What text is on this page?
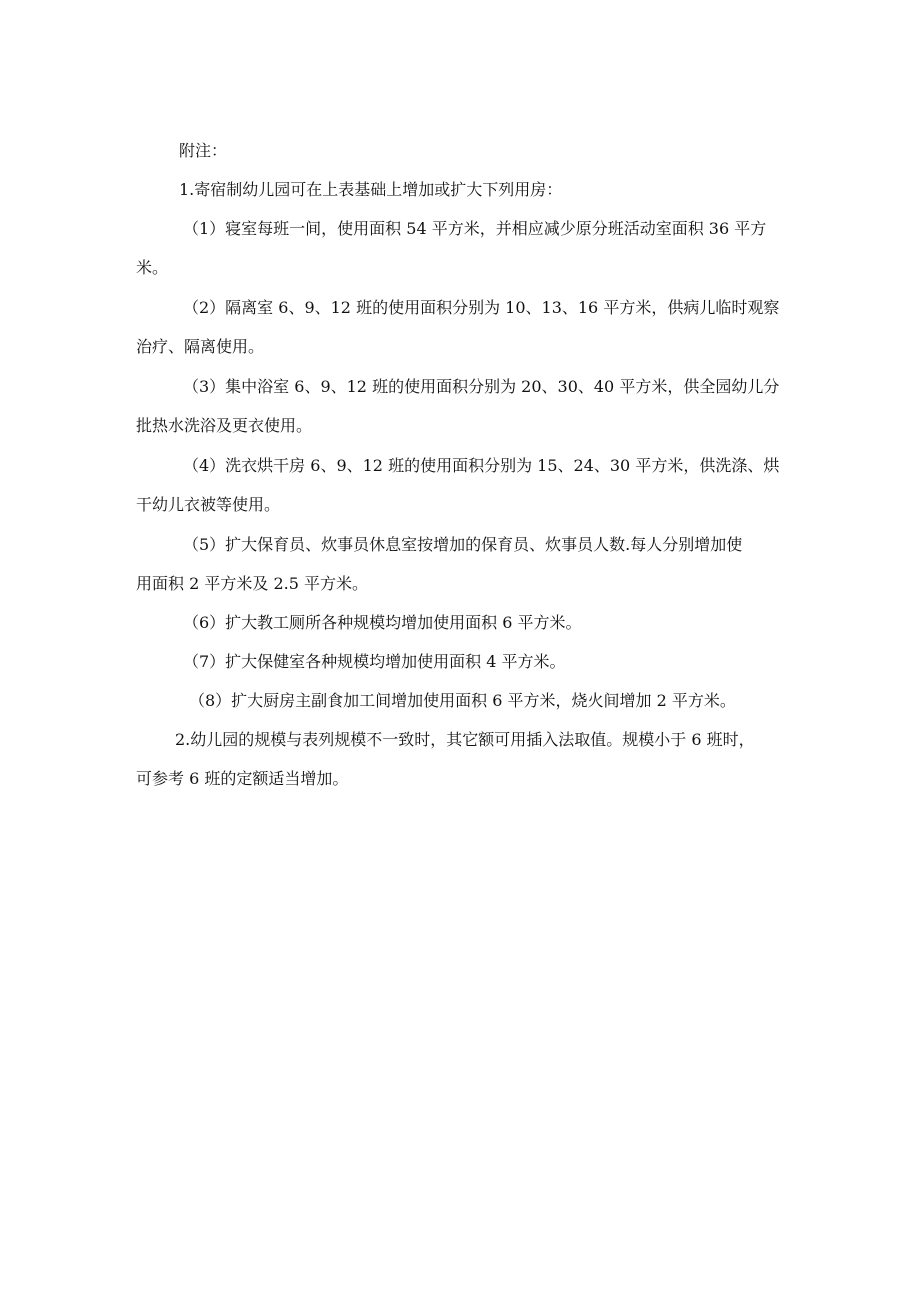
附注：
1.寄宿制幼儿园可在上表基础上增加或扩大下列用房：
（1）寝室每班一间，使用面积 54 平方米，并相应减少原分班活动室面积 36 平方
米。
（2）隔离室 6、9、12 班的使用面积分别为 10、13、16 平方米，供病儿临时观察
治疗、隔离使用。
（3）集中浴室 6、9、12 班的使用面积分别为 20、30、40 平方米，供全园幼儿分
批热水洗浴及更衣使用。
（4）洗衣烘干房 6、9、12 班的使用面积分别为 15、24、30 平方米，供洗涤、烘
干幼儿衣被等使用。
（5）扩大保育员、炊事员休息室按增加的保育员、炊事员人数.每人分别增加使
用面积 2 平方米及 2.5 平方米。
（6）扩大教工厕所各种规模均增加使用面积 6 平方米。
（7）扩大保健室各种规模均增加使用面积 4 平方米。
（8）扩大厨房主副食加工间增加使用面积 6 平方米，烧火间增加 2 平方米。
2.幼儿园的规模与表列规模不一致时，其它额可用插入法取值。规模小于 6 班时，
可参考 6 班的定额适当增加。
